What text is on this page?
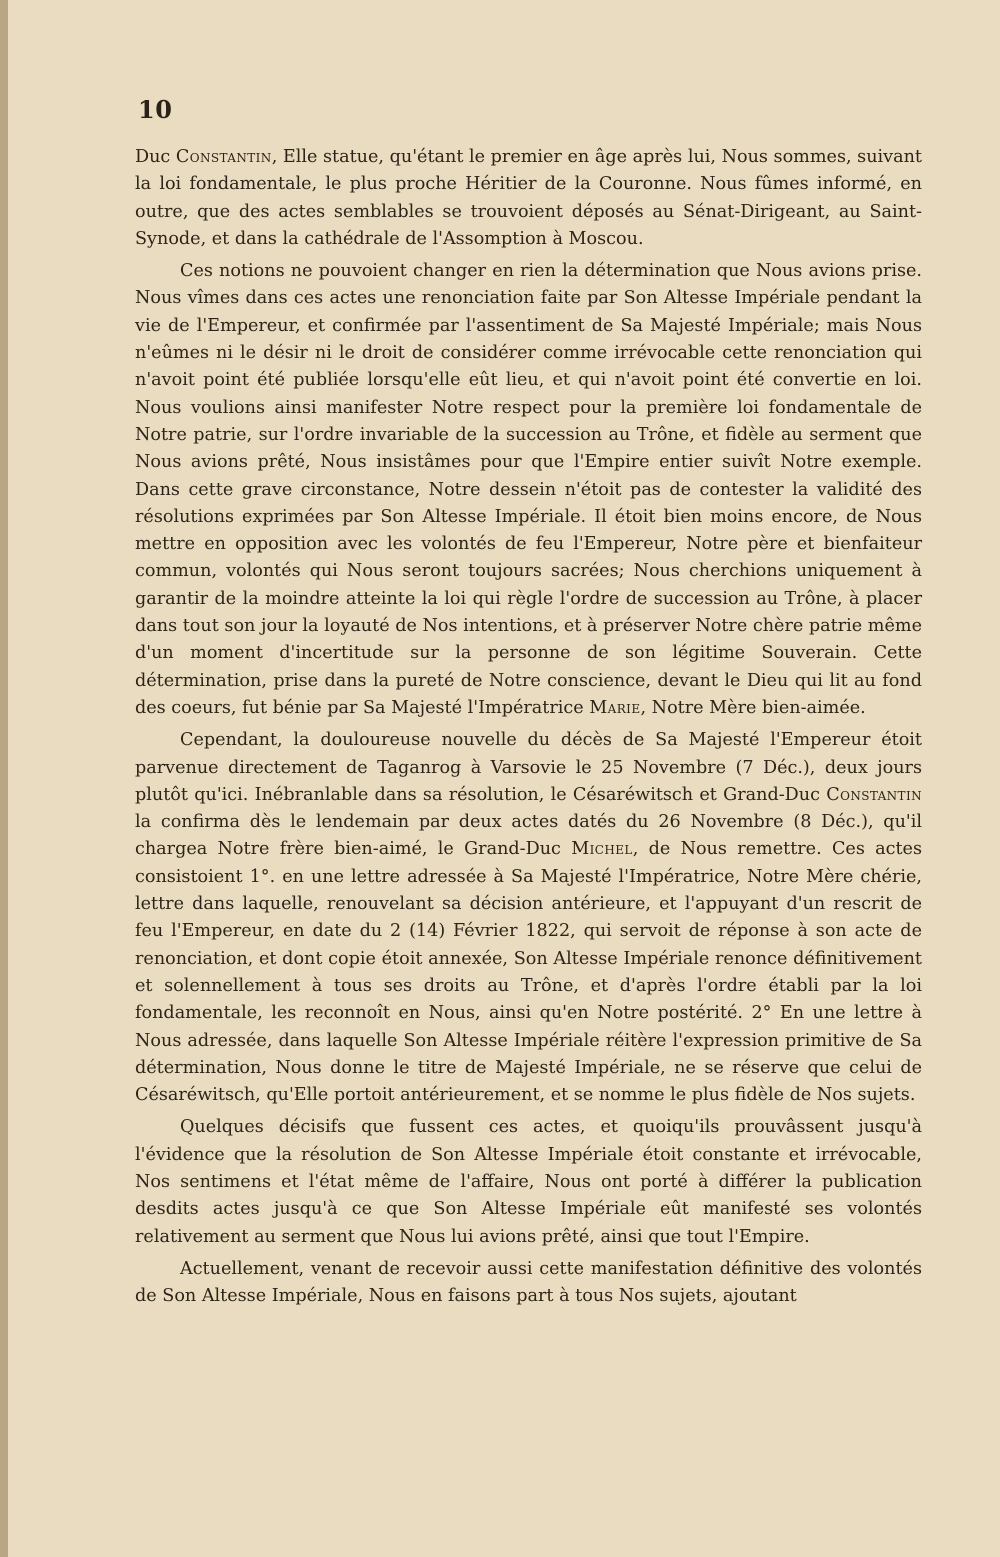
10

Duc Constantin, Elle statue, qu'étant le premier en âge après lui, Nous sommes, suivant la loi fondamentale, le plus proche Héritier de la Couronne. Nous fûmes informé, en outre, que des actes semblables se trouvoient déposés au Sénat-Dirigeant, au Saint-Synode, et dans la cathédrale de l'Assomption à Moscou.

Ces notions ne pouvoient changer en rien la détermination que Nous avions prise. Nous vîmes dans ces actes une renonciation faite par Son Altesse Impériale pendant la vie de l'Empereur, et confirmée par l'assentiment de Sa Majesté Impériale; mais Nous n'eûmes ni le désir ni le droit de considérer comme irrévocable cette renonciation qui n'avoit point été publiée lorsqu'elle eût lieu, et qui n'avoit point été convertie en loi. Nous voulions ainsi manifester Notre respect pour la première loi fondamentale de Notre patrie, sur l'ordre invariable de la succession au Trône, et fidèle au serment que Nous avions prêté, Nous insistâmes pour que l'Empire entier suivît Notre exemple. Dans cette grave circonstance, Notre dessein n'étoit pas de contester la validité des résolutions exprimées par Son Altesse Impériale. Il étoit bien moins encore, de Nous mettre en opposition avec les volontés de feu l'Empereur, Notre père et bienfaiteur commun, volontés qui Nous seront toujours sacrées; Nous cherchions uniquement à garantir de la moindre atteinte la loi qui règle l'ordre de succession au Trône, à placer dans tout son jour la loyauté de Nos intentions, et à préserver Notre chère patrie même d'un moment d'incertitude sur la personne de son légitime Souverain. Cette détermination, prise dans la pureté de Notre conscience, devant le Dieu qui lit au fond des coeurs, fut bénie par Sa Majesté l'Impératrice Marie, Notre Mère bien-aimée.

Cependant, la douloureuse nouvelle du décès de Sa Majesté l'Empereur étoit parvenue directement de Taganrog à Varsovie le 25 Novembre (7 Déc.), deux jours plutôt qu'ici. Inébranlable dans sa résolution, le Césaréwitsch et Grand-Duc Constantin la confirma dès le lendemain par deux actes datés du 26 Novembre (8 Déc.), qu'il chargea Notre frère bien-aimé, le Grand-Duc Michel, de Nous remettre. Ces actes consistoient 1°. en une lettre adressée à Sa Majesté l'Impératrice, Notre Mère chérie, lettre dans laquelle, renouvelant sa décision antérieure, et l'appuyant d'un rescrit de feu l'Empereur, en date du 2 (14) Février 1822, qui servoit de réponse à son acte de renonciation, et dont copie étoit annexée, Son Altesse Impériale renonce définitivement et solennellement à tous ses droits au Trône, et d'après l'ordre établi par la loi fondamentale, les reconnoît en Nous, ainsi qu'en Notre postérité. 2° En une lettre à Nous adressée, dans laquelle Son Altesse Impériale réitère l'expression primitive de Sa détermination, Nous donne le titre de Majesté Impériale, ne se réserve que celui de Césaréwitsch, qu'Elle portoit antérieurement, et se nomme le plus fidèle de Nos sujets.

Quelques décisifs que fussent ces actes, et quoiqu'ils prouvâssent jusqu'à l'évidence que la résolution de Son Altesse Impériale étoit constante et irrévocable, Nos sentimens et l'état même de l'affaire, Nous ont porté à différer la publication desdits actes jusqu'à ce que Son Altesse Impériale eût manifesté ses volontés relativement au serment que Nous lui avions prêté, ainsi que tout l'Empire.

Actuellement, venant de recevoir aussi cette manifestation définitive des volontés de Son Altesse Impériale, Nous en faisons part à tous Nos sujets, ajoutant
